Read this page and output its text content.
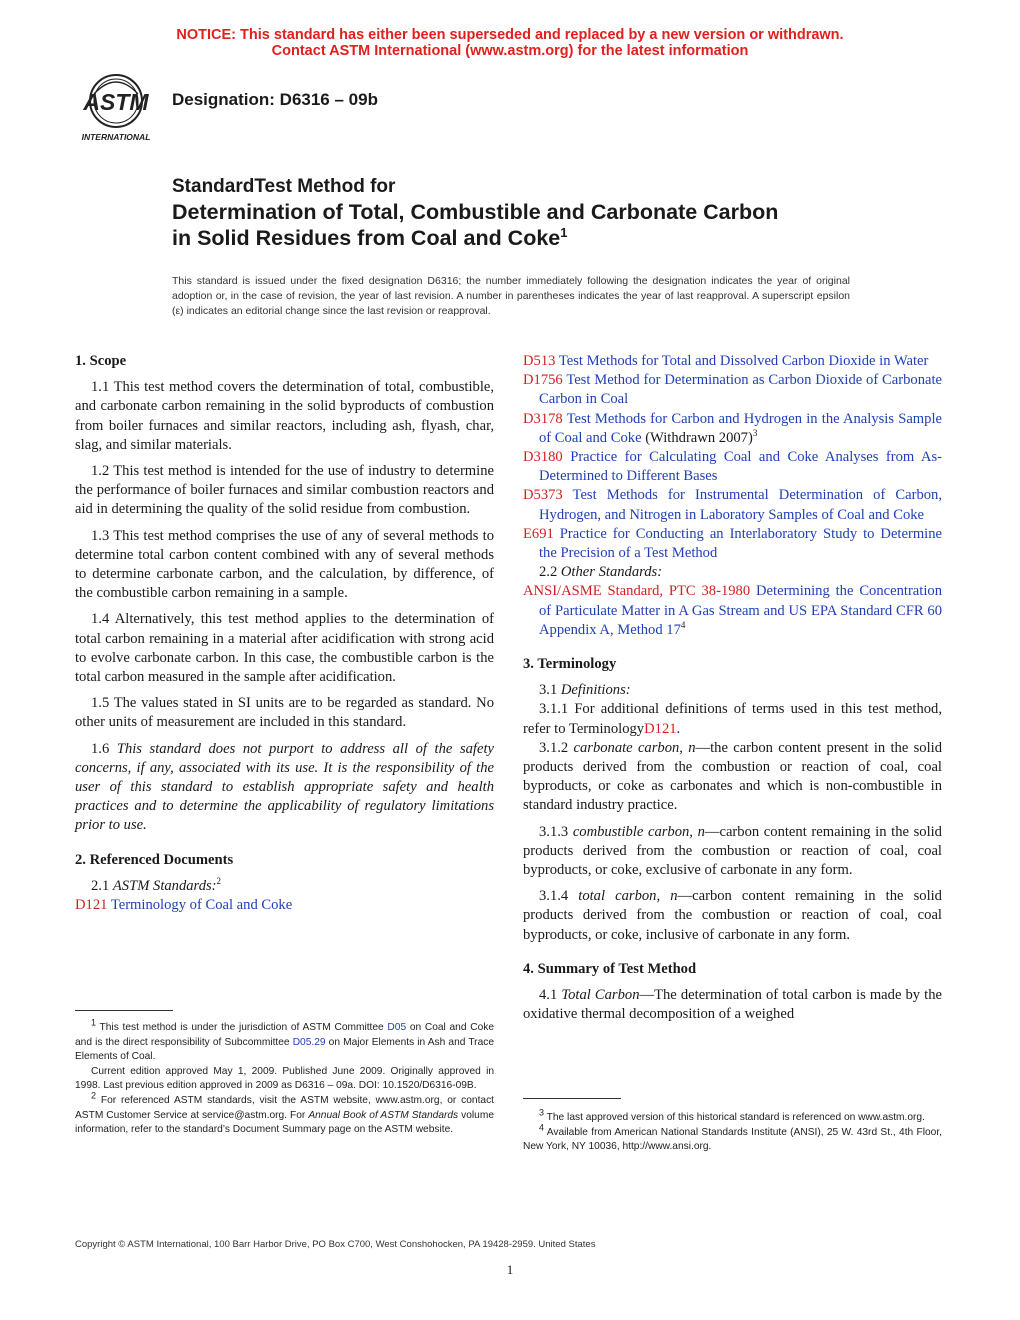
NOTICE: This standard has either been superseded and replaced by a new version or withdrawn.
Contact ASTM International (www.astm.org) for the latest information
ASTM
INTERNATIONAL
Designation: D6316 – 09b
StandardTest Method for
Determination of Total, Combustible and Carbonate Carbon
in Solid Residues from Coal and Coke$^1$
This standard is issued under the fixed designation D6316; the number immediately following the designation indicates the year of original adoption or, in the case of revision, the year of last revision. A number in parentheses indicates the year of last reapproval. A superscript epsilon (ε) indicates an editorial change since the last revision or reapproval.

1. Scope

1.1 This test method covers the determination of total, combustible, and carbonate carbon remaining in the solid byproducts of combustion from boiler furnaces and similar reactors, including ash, flyash, char, slag, and similar materials.

1.2 This test method is intended for the use of industry to determine the performance of boiler furnaces and similar combustion reactors and aid in determining the quality of the solid residue from combustion.

1.3 This test method comprises the use of any of several methods to determine total carbon content combined with any of several methods to determine carbonate carbon, and the calculation, by difference, of the combustible carbon remaining in a sample.

1.4 Alternatively, this test method applies to the determination of total carbon remaining in a material after acidification with strong acid to evolve carbonate carbon. In this case, the combustible carbon is the total carbon measured in the sample after acidification.

1.5 The values stated in SI units are to be regarded as standard. No other units of measurement are included in this standard.

1.6 This standard does not purport to address all of the safety concerns, if any, associated with its use. It is the responsibility of the user of this standard to establish appropriate safety and health practices and to determine the applicability of regulatory limitations prior to use.

2. Referenced Documents

2.1 ASTM Standards:$^2$

D121 Terminology of Coal and Coke

D513 Test Methods for Total and Dissolved Carbon Dioxide in Water

D1756 Test Method for Determination as Carbon Dioxide of Carbonate Carbon in Coal

D3178 Test Methods for Carbon and Hydrogen in the Analysis Sample of Coal and Coke (Withdrawn 2007)$^3$

D3180 Practice for Calculating Coal and Coke Analyses from As-Determined to Different Bases

D5373 Test Methods for Instrumental Determination of Carbon, Hydrogen, and Nitrogen in Laboratory Samples of Coal and Coke

E691 Practice for Conducting an Interlaboratory Study to Determine the Precision of a Test Method

2.2 Other Standards:

ANSI/ASME Standard, PTC 38-1980 Determining the Concentration of Particulate Matter in A Gas Stream and US EPA Standard CFR 60 Appendix A, Method $17^4$

3. Terminology

3.1 Definitions:

3.1.1 For additional definitions of terms used in this test method, refer to TerminologyD121.

3.1.2 carbonate carbon, n—the carbon content present in the solid products derived from the combustion or reaction of coal, coal byproducts, or coke as carbonates and which is non-combustible in standard industry practice.

3.1.3 combustible carbon, n—carbon content remaining in the solid products derived from the combustion or reaction of coal, coal byproducts, or coke, exclusive of carbonate in any form.

3.1.4 total carbon, n—carbon content remaining in the solid products derived from the combustion or reaction of coal, coal byproducts, or coke, inclusive of carbonate in any form.

4. Summary of Test Method

4.1 Total Carbon—The determination of total carbon is made by the oxidative thermal decomposition of a weighed

$^1$ This test method is under the jurisdiction of ASTM Committee D05 on Coal and Coke and is the direct responsibility of Subcommittee D05.29 on Major Elements in Ash and Trace Elements of Coal.

Current edition approved May 1, 2009. Published June 2009. Originally approved in 1998. Last previous edition approved in 2009 as D6316 – 09a. DOI: 10.1520/D6316-09B.

$^2$ For referenced ASTM standards, visit the ASTM website, www.astm.org, or contact ASTM Customer Service at service@astm.org. For Annual Book of ASTM Standards volume information, refer to the standard’s Document Summary page on the ASTM website.

$^3$ The last approved version of this historical standard is referenced on www.astm.org.

$^4$ Available from American National Standards Institute (ANSI), 25 W. 43rd St., 4th Floor, New York, NY 10036, http://www.ansi.org.

Copyright © ASTM International, 100 Barr Harbor Drive, PO Box C700, West Conshohocken, PA 19428-2959. United States
1
